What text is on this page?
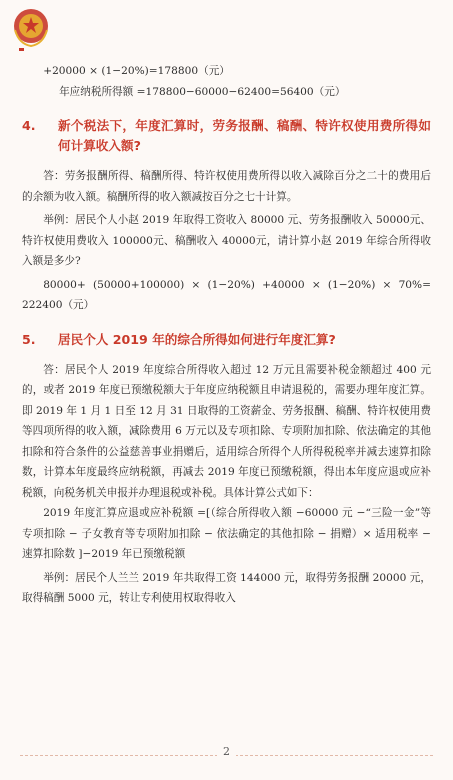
+20000 × (1−20%)=178800（元）

年应纳税所得额 =178800−60000−62400=56400（元）

4.	新个税法下，年度汇算时，劳务报酬、稿酬、特许权使用费所得如何计算收入额?

答：劳务报酬所得、稿酬所得、特许权使用费所得以收入减除百分之二十的费用后的余额为收入额。稿酬所得的收入额减按百分之七十计算。

举例：居民个人小赵 2019 年取得工资收入 80000 元、劳务报酬收入 50000元、特许权使用费收入 100000元、稿酬收入 40000元，请计算小赵 2019 年综合所得收入额是多少?

80000+ (50000+100000) × (1−20%) +40000 × (1−20%) × 70%= 222400（元）

5.	居民个人 2019 年的综合所得如何进行年度汇算?

答：居民个人 2019 年度综合所得收入超过 12 万元且需要补税金额超过 400 元的，或者 2019 年度已预缴税额大于年度应纳税额且申请退税的，需要办理年度汇算。即 2019 年 1 月 1 日至 12 月 31 日取得的工资薪金、劳务报酬、稿酬、特许权使用费等四项所得的收入额，减除费用 6 万元以及专项扣除、专项附加扣除、依法确定的其他扣除和符合条件的公益慈善事业捐赠后，适用综合所得个人所得税税率并减去速算扣除数，计算本年度最终应纳税额，再减去 2019 年度已预缴税额，得出本年度应退或应补税额，向税务机关申报并办理退税或补税。具体计算公式如下：

2019 年度汇算应退或应补税额 =[（综合所得收入额 −60000 元 −“三险一金”等专项扣除 − 子女教育等专项附加扣除 − 依法确定的其他扣除 − 捐赠）× 适用税率 − 速算扣除数 ]−2019 年已预缴税额

举例：居民个人兰兰 2019 年共取得工资 144000 元，取得劳务报酬 20000 元，取得稿酬 5000 元，转让专利使用权取得收入

2
